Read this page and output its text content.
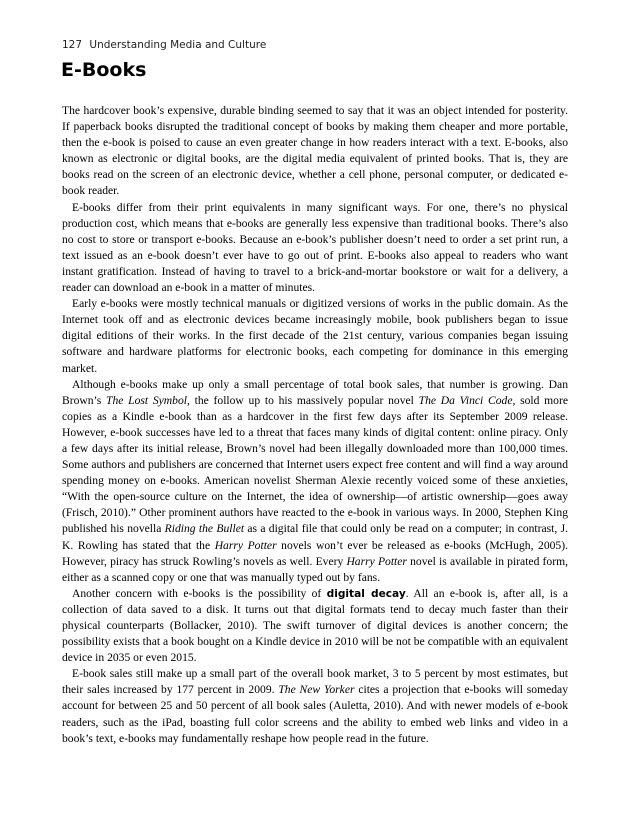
127 Understanding Media and Culture
E-Books

The hardcover book’s expensive, durable binding seemed to say that it was an object intended for posterity. If paperback books disrupted the traditional concept of books by making them cheaper and more portable, then the e-book is poised to cause an even greater change in how readers interact with a text. E-books, also known as electronic or digital books, are the digital media equivalent of printed books. That is, they are books read on the screen of an electronic device, whether a cell phone, personal computer, or dedicated e-book reader.

E-books differ from their print equivalents in many significant ways. For one, there’s no physical production cost, which means that e-books are generally less expensive than traditional books. There’s also no cost to store or transport e-books. Because an e-book’s publisher doesn’t need to order a set print run, a text issued as an e-book doesn’t ever have to go out of print. E-books also appeal to readers who want instant gratification. Instead of having to travel to a brick-and-mortar bookstore or wait for a delivery, a reader can download an e-book in a matter of minutes.

Early e-books were mostly technical manuals or digitized versions of works in the public domain. As the Internet took off and as electronic devices became increasingly mobile, book publishers began to issue digital editions of their works. In the first decade of the 21st century, various companies began issuing software and hardware platforms for electronic books, each competing for dominance in this emerging market.

Although e-books make up only a small percentage of total book sales, that number is growing. Dan Brown’s The Lost Symbol, the follow up to his massively popular novel The Da Vinci Code, sold more copies as a Kindle e-book than as a hardcover in the first few days after its September 2009 release. However, e-book successes have led to a threat that faces many kinds of digital content: online piracy. Only a few days after its initial release, Brown’s novel had been illegally downloaded more than 100,000 times. Some authors and publishers are concerned that Internet users expect free content and will find a way around spending money on e-books. American novelist Sherman Alexie recently voiced some of these anxieties, “With the open-source culture on the Internet, the idea of ownership—of artistic ownership—goes away (Frisch, 2010).” Other prominent authors have reacted to the e-book in various ways. In 2000, Stephen King published his novella Riding the Bullet as a digital file that could only be read on a computer; in contrast, J. K. Rowling has stated that the Harry Potter novels won’t ever be released as e-books (McHugh, 2005). However, piracy has struck Rowling’s novels as well. Every Harry Potter novel is available in pirated form, either as a scanned copy or one that was manually typed out by fans.

Another concern with e-books is the possibility of digital decay. All an e-book is, after all, is a collection of data saved to a disk. It turns out that digital formats tend to decay much faster than their physical counterparts (Bollacker, 2010). The swift turnover of digital devices is another concern; the possibility exists that a book bought on a Kindle device in 2010 will be not be compatible with an equivalent device in 2035 or even 2015.

E-book sales still make up a small part of the overall book market, 3 to 5 percent by most estimates, but their sales increased by 177 percent in 2009. The New Yorker cites a projection that e-books will someday account for between 25 and 50 percent of all book sales (Auletta, 2010). And with newer models of e-book readers, such as the iPad, boasting full color screens and the ability to embed web links and video in a book’s text, e-books may fundamentally reshape how people read in the future.
